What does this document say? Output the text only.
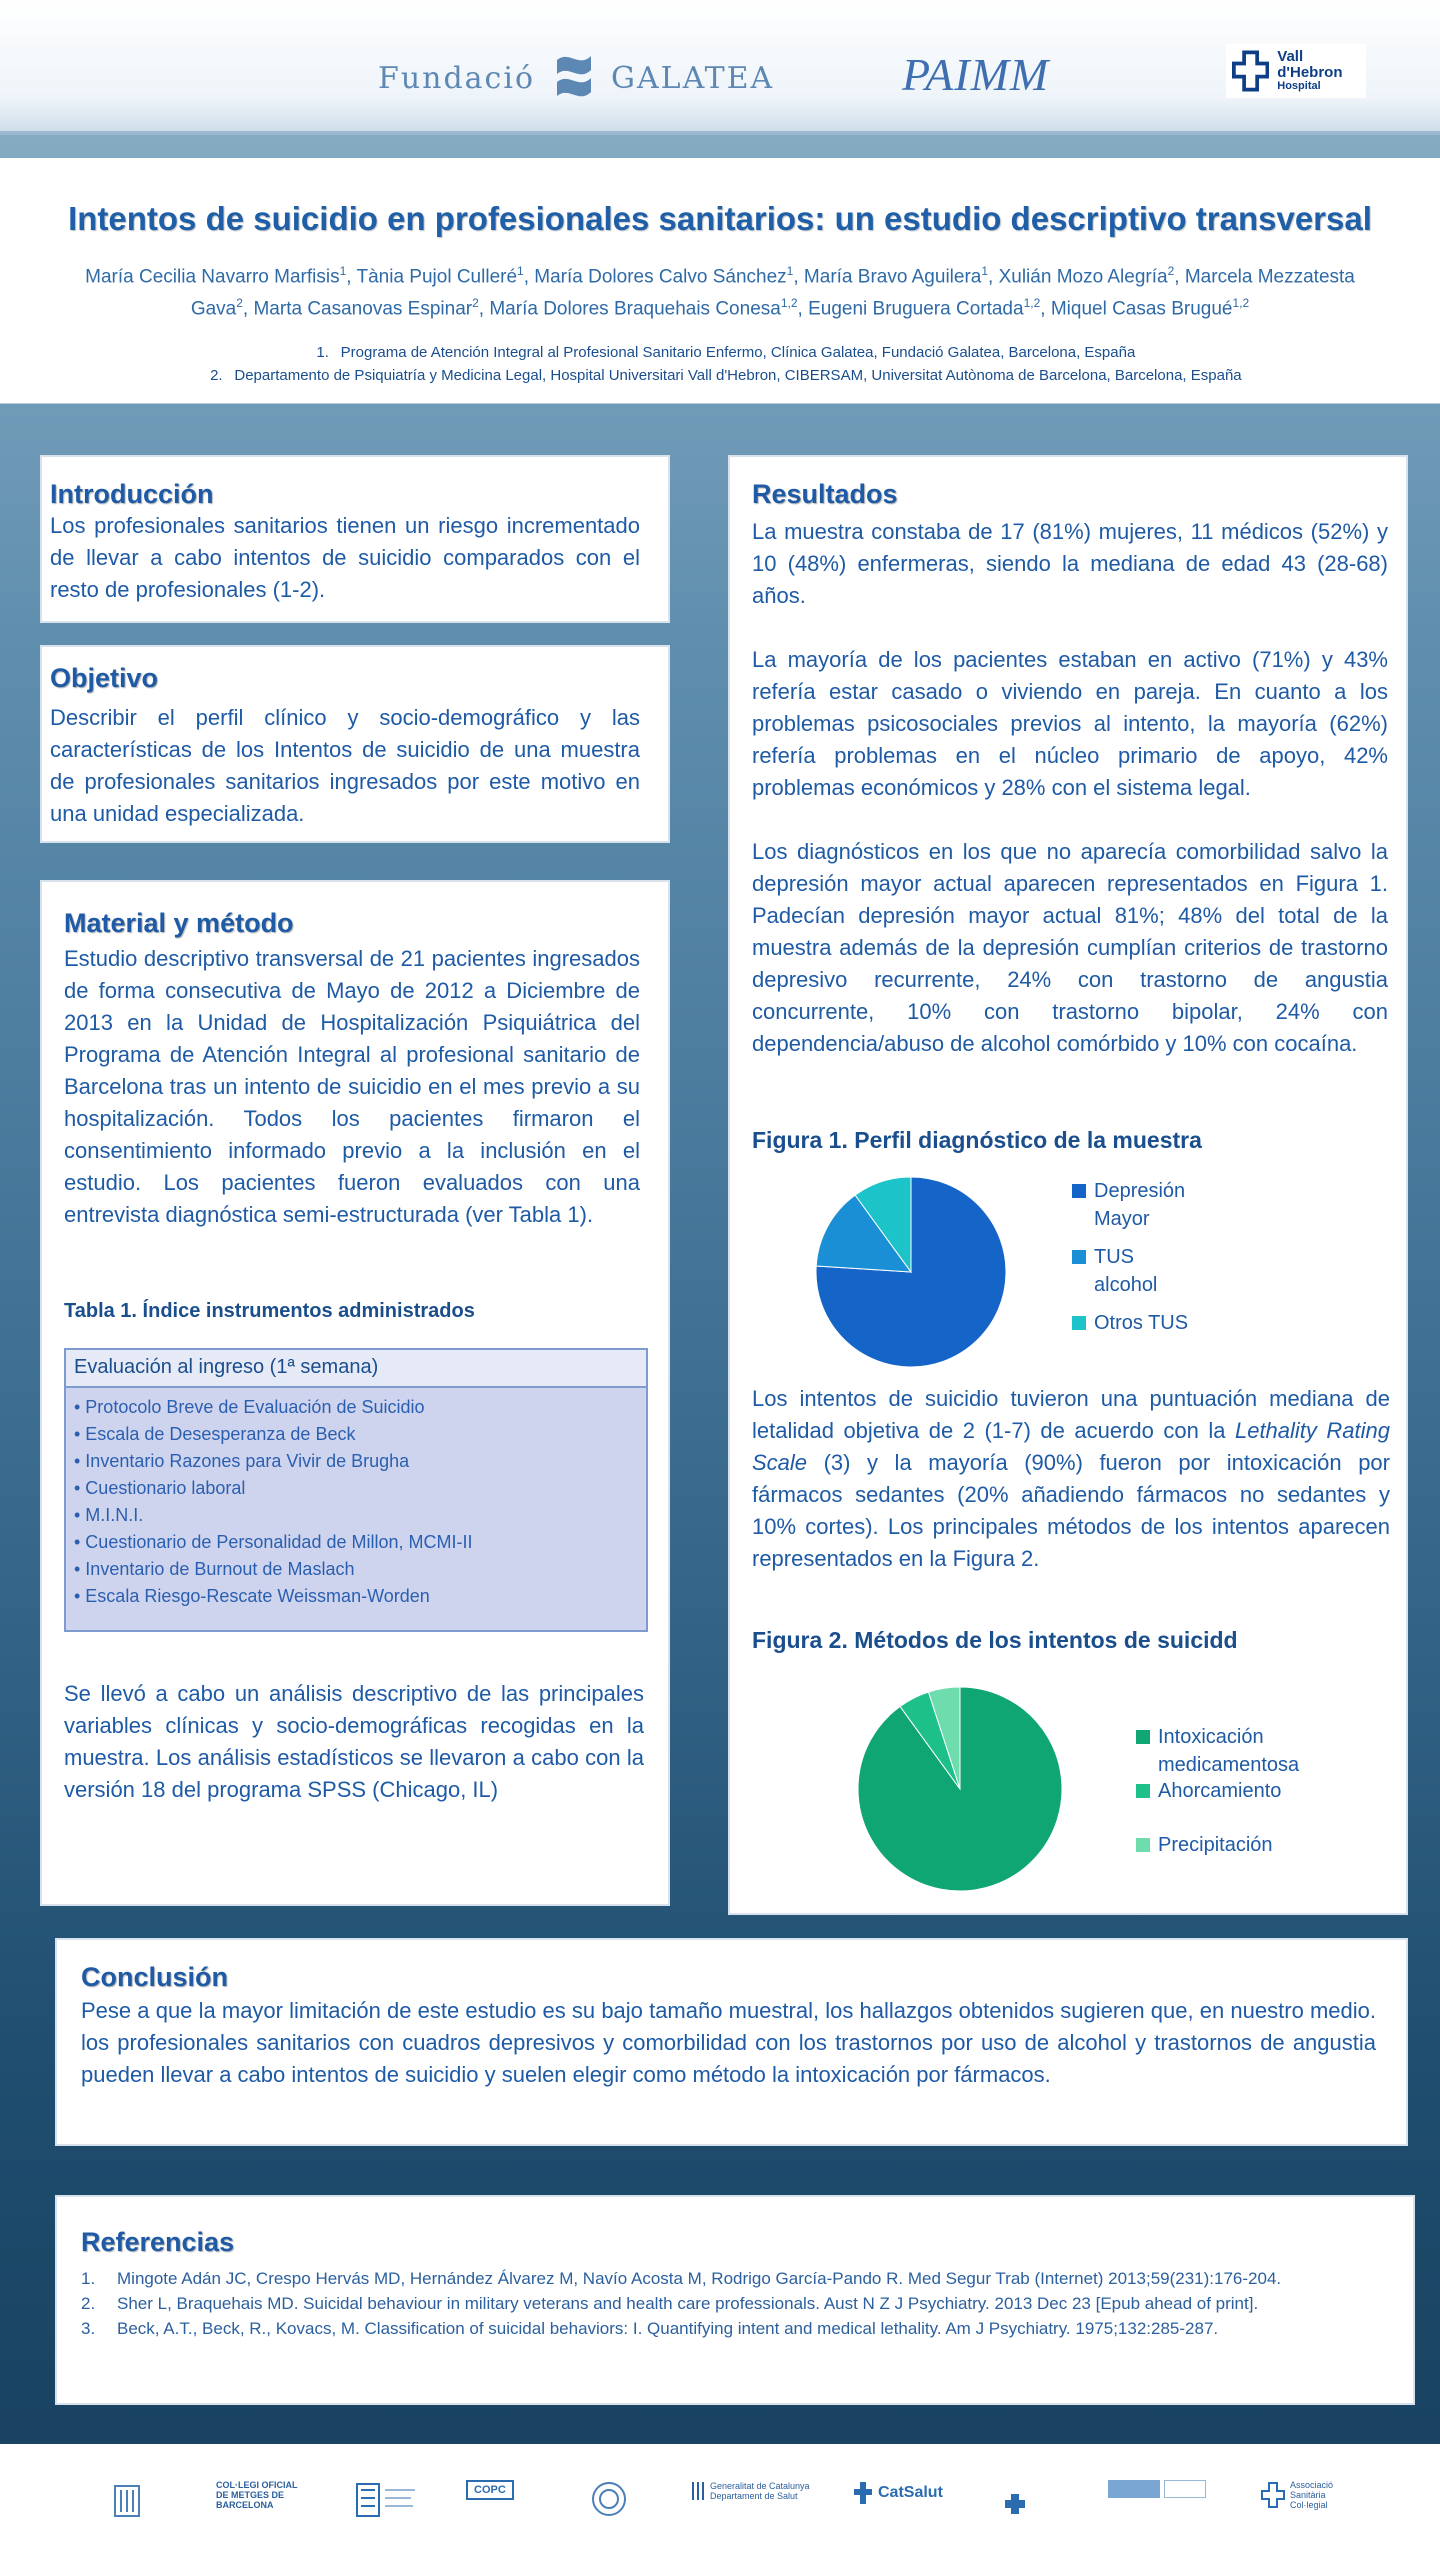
Fundació	GALATEA	PAIMM	Vall d'Hebron
Hospital
Intentos de suicidio en profesionales sanitarios: un estudio descriptivo transversal
María Cecilia Navarro Marfisis$^1$, Tània Pujol Culleré$^1$, María Dolores Calvo Sánchez$^1$, María Bravo Aguilera$^1$, Xulián Mozo Alegría$^2$, Marcela Mezzatesta Gava$^2$, Marta Casanovas Espinar$^2$, María Dolores Braquehais Conesa$^{1,2}$, Eugeni Bruguera Cortada$^{1,2}$, Miquel Casas Brugué$^{1,2}$
1. Programa de Atención Integral al Profesional Sanitario Enfermo, Clínica Galatea, Fundació Galatea, Barcelona, España
2. Departamento de Psiquiatría y Medicina Legal, Hospital Universitari Vall d'Hebron, CIBERSAM, Universitat Autònoma de Barcelona, Barcelona, España
Introducción

Los profesionales sanitarios tienen un riesgo incrementado de llevar a cabo intentos de suicidio comparados con el resto de profesionales (1-2).

Objetivo

Describir el perfil clínico y socio-demográfico y las características de los Intentos de suicidio de una muestra de profesionales sanitarios ingresados por este motivo en una unidad especializada.

Material y método

Estudio descriptivo transversal de 21 pacientes ingresados de forma consecutiva de Mayo de 2012 a Diciembre de 2013 en la Unidad de Hospitalización Psiquiátrica del Programa de Atención Integral al profesional sanitario de Barcelona tras un intento de suicidio en el mes previo a su hospitalización. Todos los pacientes firmaron el consentimiento informado previo a la inclusión en el estudio. Los pacientes fueron evaluados con una entrevista diagnóstica semi-estructurada (ver Tabla 1).

Tabla 1. Índice instrumentos administrados
Evaluación al ingreso (1ª semana)
• Protocolo Breve de Evaluación de Suicidio
• Escala de Desesperanza de Beck
• Inventario Razones para Vivir de Brugha
• Cuestionario laboral
• M.I.N.I.
• Cuestionario de Personalidad de Millon, MCMI-II
• Inventario de Burnout de Maslach
• Escala Riesgo-Rescate Weissman-Worden

Se llevó a cabo un análisis descriptivo de las principales variables clínicas y socio-demográficas recogidas en la muestra. Los análisis estadísticos se llevaron a cabo con la versión 18 del programa SPSS (Chicago, IL)

Resultados

La muestra constaba de 17 (81%) mujeres, 11 médicos (52%) y 10 (48%) enfermeras, siendo la mediana de edad 43 (28-68) años.

La mayoría de los pacientes estaban en activo (71%) y 43% refería estar casado o viviendo en pareja. En cuanto a los problemas psicosociales previos al intento, la mayoría (62%) refería problemas en el núcleo primario de apoyo, 42% problemas económicos y 28% con el sistema legal.

Los diagnósticos en los que no aparecía comorbilidad salvo la depresión mayor actual aparecen representados en Figura 1. Padecían depresión mayor actual 81%; 48% del total de la muestra además de la depresión cumplían criterios de trastorno depresivo recurrente, 24% con trastorno de angustia concurrente, 10% con trastorno bipolar, 24% con dependencia/abuso de alcohol comórbido y 10% con cocaína.

Figura 1. Perfil diagnóstico de la muestra
Depresión Mayor
TUS alcohol
Otros TUS

Los intentos de suicidio tuvieron una puntuación mediana de letalidad objetiva de 2 (1-7) de acuerdo con la Lethality Rating Scale (3) y la mayoría (90%) fueron por intoxicación por fármacos sedantes (20% añadiendo fármacos no sedantes y 10% cortes). Los principales métodos de los intentos aparecen representados en la Figura 2.

Figura 2. Métodos de los intentos de suicidd
Intoxicación medicamentosa
Ahorcamiento
Precipitación
Conclusión

Pese a que la mayor limitación de este estudio es su bajo tamaño muestral, los hallazgos obtenidos sugieren que, en nuestro medio. los profesionales sanitarios con cuadros depresivos y comorbilidad con los trastornos por uso de alcohol y trastornos de angustia pueden llevar a cabo intentos de suicidio y suelen elegir como método la intoxicación por fármacos.

Referencias
1.	Mingote Adán JC, Crespo Hervás MD, Hernández Álvarez M, Navío Acosta M, Rodrigo García-Pando R. Med Segur Trab (Internet) 2013;59(231):176-204.
2.	Sher L, Braquehais MD. Suicidal behaviour in military veterans and health care professionals. Aust N Z J Psychiatry. 2013 Dec 23 [Epub ahead of print].
3.	Beck, A.T., Beck, R., Kovacs, M. Classification of suicidal behaviors: I. Quantifying intent and medical lethality. Am J Psychiatry. 1975;132:285-287.
COL·LEGI OFICIAL DE METGES DE BARCELONA
COPC	Generalitat de Catalunya Departament de Salut	CatSalut	Associació Sanitària Col·legial
